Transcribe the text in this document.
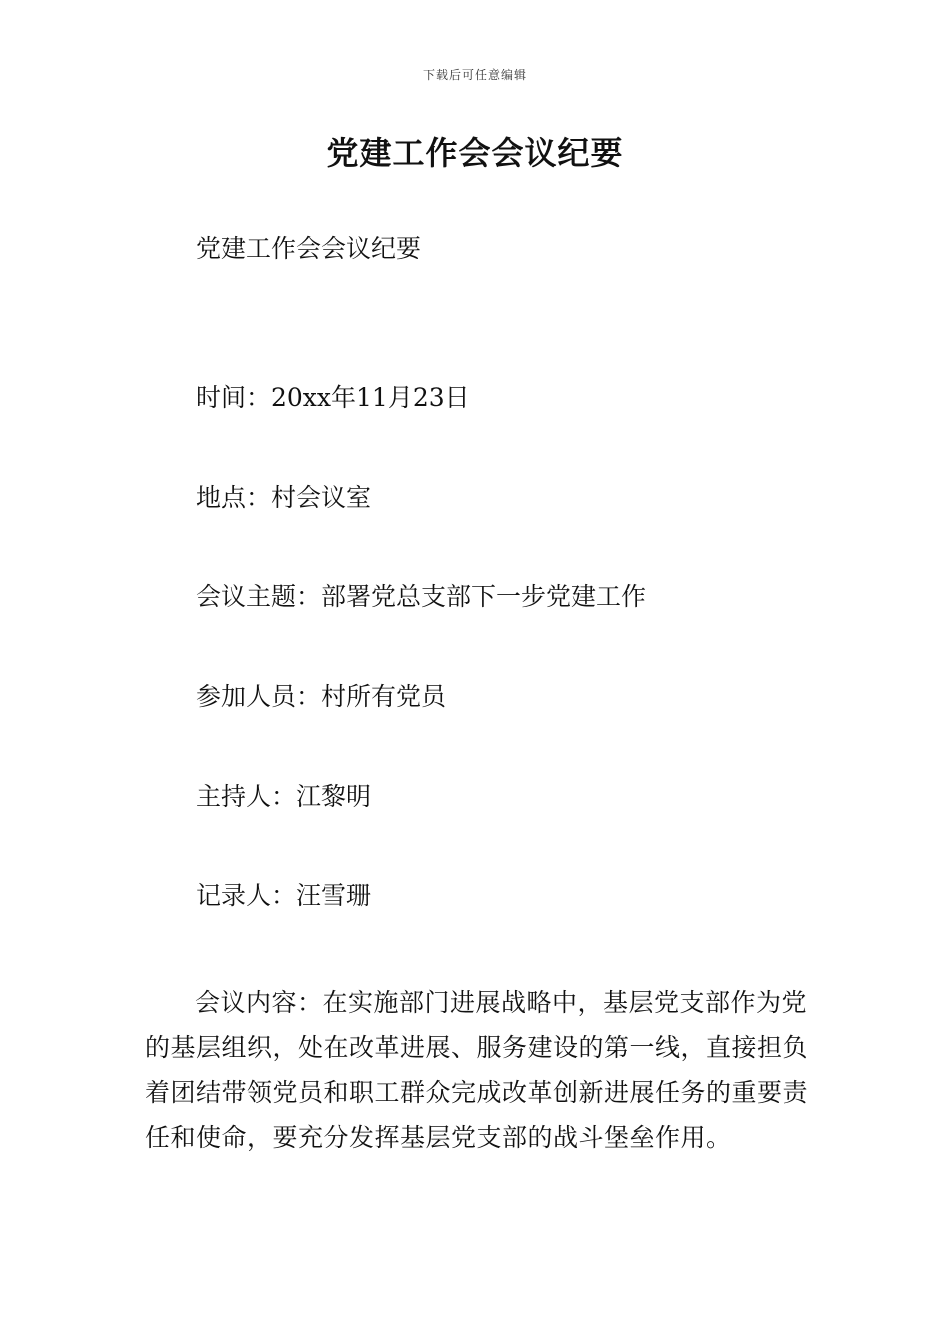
下载后可任意编辑
党建工作会会议纪要

党建工作会会议纪要

时间：20xx年11月23日

地点：村会议室

会议主题：部署党总支部下一步党建工作

参加人员：村所有党员

主持人：江黎明

记录人：汪雪珊

会议内容：在实施部门进展战略中，基层党支部作为党的基层组织，处在改革进展、服务建设的第一线，直接担负着团结带领党员和职工群众完成改革创新进展任务的重要责任和使命，要充分发挥基层党支部的战斗堡垒作用。
